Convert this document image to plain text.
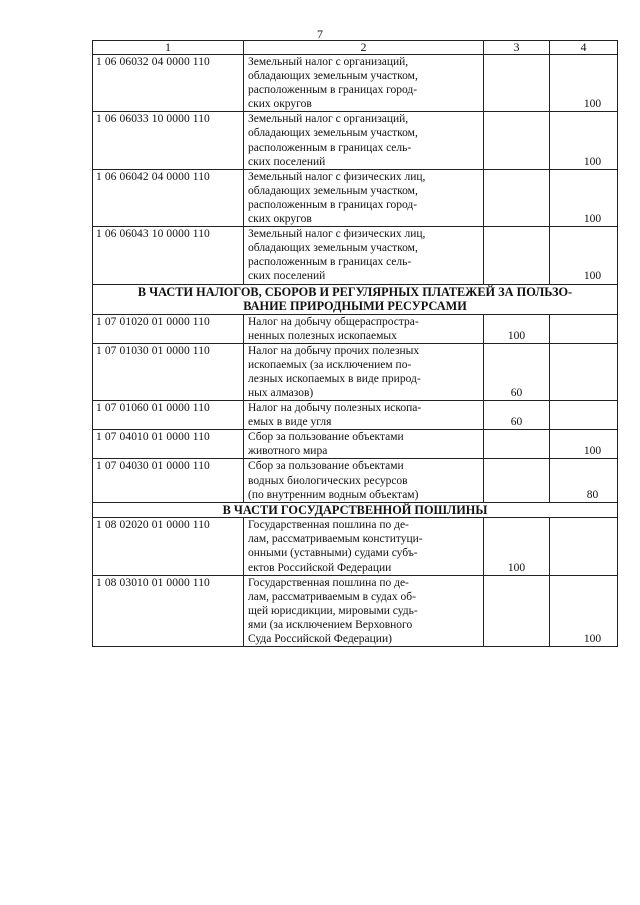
7
1	2	3	4
1 06 06032 04 0000 110	Земельный налог с организаций,
обладающих земельным участком,
расположенным в границах город-
ских округов		100
1 06 06033 10 0000 110	Земельный налог с организаций,
обладающих земельным участком,
расположенным в границах сель-
ских поселений		100
1 06 06042 04 0000 110	Земельный налог с физических лиц,
обладающих земельным участком,
расположенным в границах город-
ских округов		100
1 06 06043 10 0000 110	Земельный налог с физических лиц,
обладающих земельным участком,
расположенным в границах сель-
ских поселений		100

В ЧАСТИ НАЛОГОВ, СБОРОВ И РЕГУЛЯРНЫХ ПЛАТЕЖЕЙ ЗА ПОЛЬЗО-
ВАНИЕ ПРИРОДНЫМИ РЕСУРСАМИ			

1 07 01020 01 0000 110	Налог на добычу общераспростра-
ненных полезных ископаемых	100	
1 07 01030 01 0000 110	Налог на добычу прочих полезных
ископаемых (за исключением по-
лезных ископаемых в виде природ-
ных алмазов)	60	
1 07 01060 01 0000 110	Налог на добычу полезных ископа-
емых в виде угля	60	
1 07 04010 01 0000 110	Сбор за пользование объектами
животного мира		100
1 07 04030 01 0000 110	Сбор за пользование объектами
водных биологических ресурсов
(по внутренним водным объектам)		80

В ЧАСТИ ГОСУДАРСТВЕННОЙ ПОШЛИНЫ			

1 08 02020 01 0000 110	Государственная пошлина по де-
лам, рассматриваемым конституци-
онными (уставными) судами субъ-
ектов Российской Федерации	100	
1 08 03010 01 0000 110	Государственная пошлина по де-
лам, рассматриваемым в судах об-
щей юрисдикции, мировыми судь-
ями (за исключением Верховного
Суда Российской Федерации)		100
